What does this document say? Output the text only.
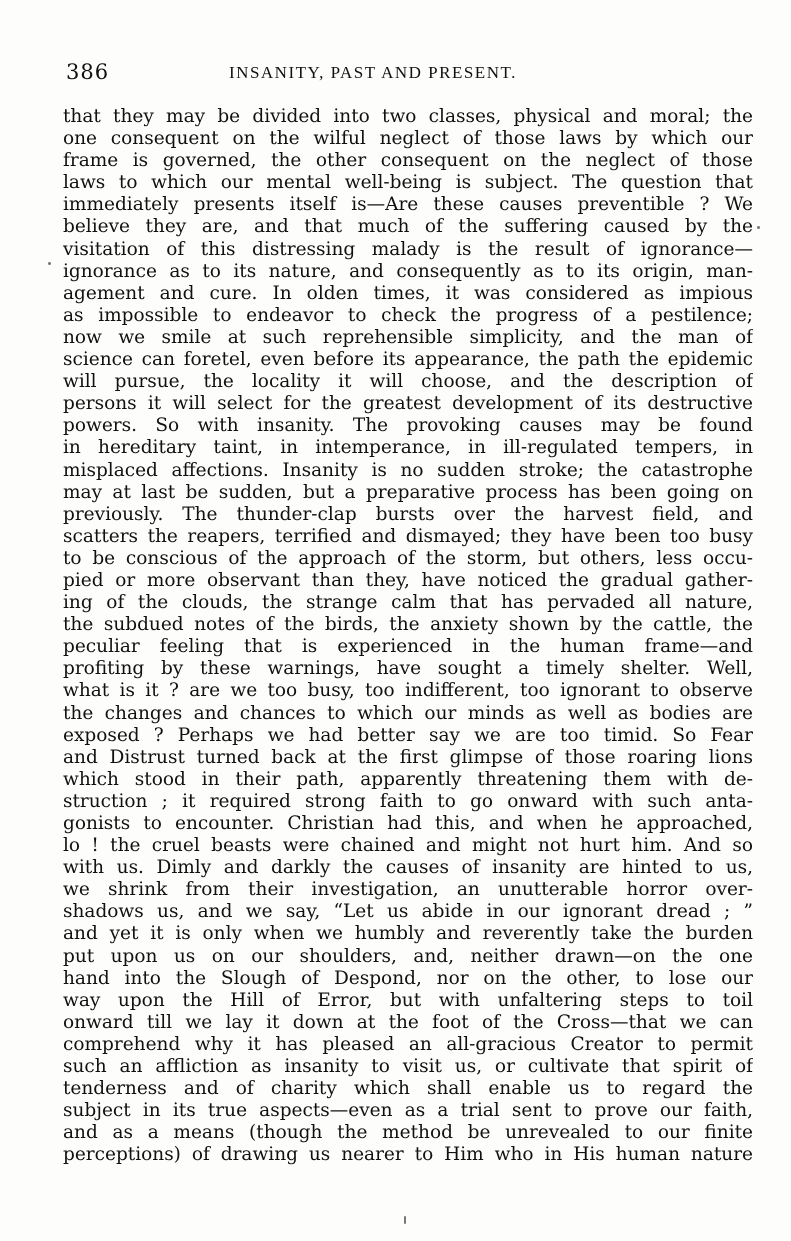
386	INSANITY, PAST AND PRESENT.
that they may be divided into two classes, physical and moral; the
one consequent on the wilful neglect of those laws by which our
frame is governed, the other consequent on the neglect of those
laws to which our mental well-being is subject. The question that
immediately presents itself is—Are these causes preventible ? We
believe they are, and that much of the suffering caused by the
visitation of this distressing malady is the result of ignorance—
ignorance as to its nature, and consequently as to its origin, man-
agement and cure. In olden times, it was considered as impious
as impossible to endeavor to check the progress of a pestilence;
now we smile at such reprehensible simplicity, and the man of
science can foretel, even before its appearance, the path the epidemic
will pursue, the locality it will choose, and the description of
persons it will select for the greatest development of its destructive
powers. So with insanity. The provoking causes may be found
in hereditary taint, in intemperance, in ill-regulated tempers, in
misplaced affections. Insanity is no sudden stroke; the catastrophe
may at last be sudden, but a preparative process has been going on
previously. The thunder-clap bursts over the harvest field, and
scatters the reapers, terrified and dismayed; they have been too busy
to be conscious of the approach of the storm, but others, less occu-
pied or more observant than they, have noticed the gradual gather-
ing of the clouds, the strange calm that has pervaded all nature,
the subdued notes of the birds, the anxiety shown by the cattle, the
peculiar feeling that is experienced in the human frame—and
profiting by these warnings, have sought a timely shelter. Well,
what is it ? are we too busy, too indifferent, too ignorant to observe
the changes and chances to which our minds as well as bodies are
exposed ? Perhaps we had better say we are too timid. So Fear
and Distrust turned back at the first glimpse of those roaring lions
which stood in their path, apparently threatening them with de-
struction ; it required strong faith to go onward with such anta-
gonists to encounter. Christian had this, and when he approached,
lo ! the cruel beasts were chained and might not hurt him. And so
with us. Dimly and darkly the causes of insanity are hinted to us,
we shrink from their investigation, an unutterable horror over-
shadows us, and we say, “Let us abide in our ignorant dread ; ”
and yet it is only when we humbly and reverently take the burden
put upon us on our shoulders, and, neither drawn—on the one
hand into the Slough of Despond, nor on the other, to lose our
way upon the Hill of Error, but with unfaltering steps to toil
onward till we lay it down at the foot of the Cross—that we can
comprehend why it has pleased an all-gracious Creator to permit
such an affliction as insanity to visit us, or cultivate that spirit of
tenderness and of charity which shall enable us to regard the
subject in its true aspects—even as a trial sent to prove our faith,
and as a means (though the method be unrevealed to our finite
perceptions) of drawing us nearer to Him who in His human nature
